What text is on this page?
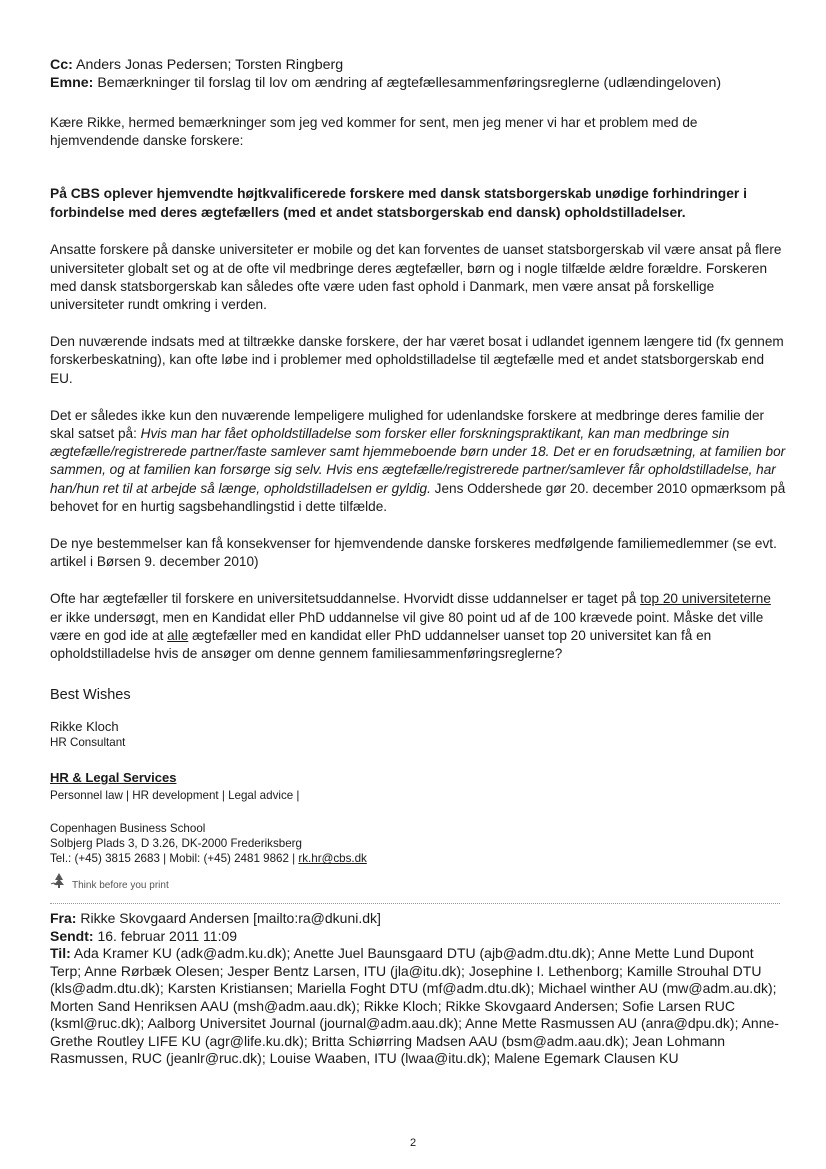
Cc: Anders Jonas Pedersen; Torsten Ringberg
Emne: Bemærkninger til forslag til lov om ændring af ægtefællesammenføringsreglerne (udlændingeloven)

Kære Rikke, hermed bemærkninger som jeg ved kommer for sent, men jeg mener vi har et problem med de hjemvendende danske forskere:

På CBS oplever hjemvendte højtkvalificerede forskere med dansk statsborgerskab unødige forhindringer i forbindelse med deres ægtefællers (med et andet statsborgerskab end dansk) opholdstilladelser.

Ansatte forskere på danske universiteter er mobile og det kan forventes de uanset statsborgerskab vil være ansat på flere universiteter globalt set og at de ofte vil medbringe deres ægtefæller, børn og i nogle tilfælde ældre forældre. Forskeren med dansk statsborgerskab kan således ofte være uden fast ophold i Danmark, men være ansat på forskellige universiteter rundt omkring i verden.

Den nuværende indsats med at tiltrække danske forskere, der har været bosat i udlandet igennem længere tid (fx gennem forskerbeskatning), kan ofte løbe ind i problemer med opholdstilladelse til ægtefælle med et andet statsborgerskab end EU.

Det er således ikke kun den nuværende lempeligere mulighed for udenlandske forskere at medbringe deres familie der skal satset på: Hvis man har fået opholdstilladelse som forsker eller forskningspraktikant, kan man medbringe sin ægtefælle/registrerede partner/faste samlever samt hjemmeboende børn under 18. Det er en forudsætning, at familien bor sammen, og at familien kan forsørge sig selv. Hvis ens ægtefælle/registrerede partner/samlever får opholdstilladelse, har han/hun ret til at arbejde så længe, opholdstilladelsen er gyldig. Jens Oddershede gør 20. december 2010 opmærksom på behovet for en hurtig sagsbehandlingstid i dette tilfælde.

De nye bestemmelser kan få konsekvenser for hjemvendende danske forskeres medfølgende familiemedlemmer (se evt. artikel i Børsen 9. december 2010)

Ofte har ægtefæller til forskere en universitetsuddannelse. Hvorvidt disse uddannelser er taget på top 20 universiteterne er ikke undersøgt, men en Kandidat eller PhD uddannelse vil give 80 point ud af de 100 krævede point. Måske det ville være en god ide at alle ægtefæller med en kandidat eller PhD uddannelser uanset top 20 universitet kan få en opholdstilladelse hvis de ansøger om denne gennem familiesammenføringsreglerne?

Best Wishes
Rikke Kloch
HR Consultant
HR & Legal Services
Personnel law | HR development | Legal advice |
Copenhagen Business School
Solbjerg Plads 3, D 3.26, DK-2000 Frederiksberg
Tel.: (+45) 3815 2683 | Mobil: (+45) 2481 9862 | rk.hr@cbs.dk
Think before you print
Fra: Rikke Skovgaard Andersen [mailto:ra@dkuni.dk]
Sendt: 16. februar 2011 11:09
Til: Ada Kramer KU (adk@adm.ku.dk); Anette Juel Baunsgaard DTU (ajb@adm.dtu.dk); Anne Mette Lund Dupont Terp; Anne Rørbæk Olesen; Jesper Bentz Larsen, ITU (jla@itu.dk); Josephine I. Lethenborg; Kamille Strouhal DTU (kls@adm.dtu.dk); Karsten Kristiansen; Mariella Foght DTU (mf@adm.dtu.dk); Michael winther AU (mw@adm.au.dk); Morten Sand Henriksen AAU (msh@adm.aau.dk); Rikke Kloch; Rikke Skovgaard Andersen; Sofie Larsen RUC (ksml@ruc.dk); Aalborg Universitet Journal (journal@adm.aau.dk); Anne Mette Rasmussen AU (anra@dpu.dk); Anne-Grethe Routley LIFE KU (agr@life.ku.dk); Britta Schiørring Madsen AAU (bsm@adm.aau.dk); Jean Lohmann Rasmussen, RUC (jeanlr@ruc.dk); Louise Waaben, ITU (lwaa@itu.dk); Malene Egemark Clausen KU
2
